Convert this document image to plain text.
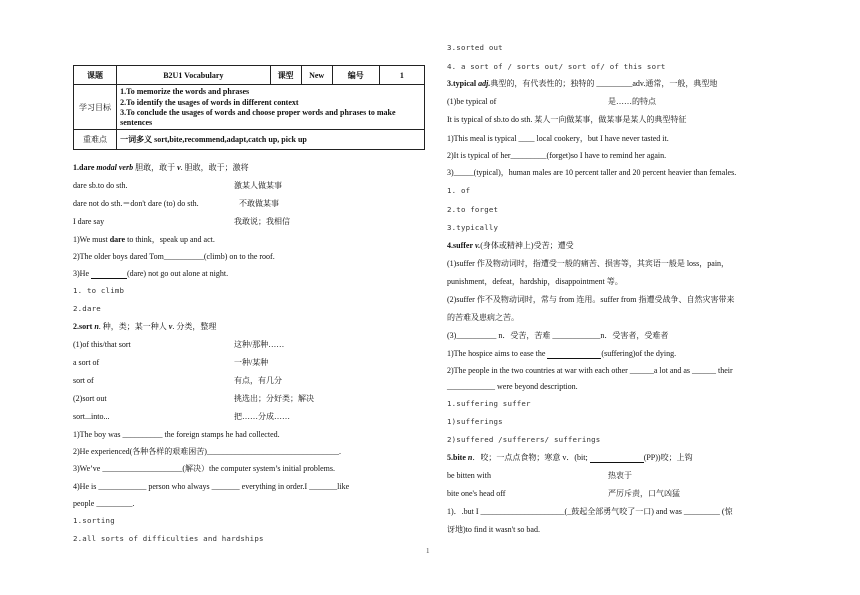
课题	B2U1 Vocabulary	课型	New	编号	1
学习目标	1.To memorize the words and phrases
2.To identify the usages of words in different context
3.To conclude the usages of words and choose proper words and phrases to make sentences				

重难点	一词多义 sort,bite,recommend,adapt,catch up, pick up				
1.dare modal verb 胆敢，敢于 v. 胆敢，敢于；激将
dare sb.to do sth.	激某人做某事
dare not do sth.＝don't dare (to) do sth.	不敢做某事
I dare say	我敢说；我相信
1)We must dare to think，speak up and act.
2)The older boys dared Tom__________(climb) on to the roof.
3)He	(dare) not go out alone at night.
1. to climb
2.dare
2.sort n. 种，类；某一种人 v. 分类，整理
(1)of this/that sort	这种/那种……
a sort of	一种/某种
sort of	有点，有几分
(2)sort out	挑选出；分好类；解决
sort...into...	把……分成……
1)The boy was __________ the foreign stamps he had collected.
2)He experienced(各种各样的艰难困苦)_________________________________.
3)We’ve ____________________(解决）the computer system’s initial problems.
4)He is ____________ person who always _______ everything in order.I _______like
people _________.
1.sorting
2.all sorts of difficulties and hardships
3.sorted out
4. a sort of / sorts out/ sort of/ of this sort
3.typical adj.典型的，有代表性的；独特的 _________adv.通常，一般，典型地
(1)be typical of	是……的特点
It is typical of sb.to do sth. 某人一向做某事，做某事是某人的典型特征
1)This meal is typical ____ local cookery，but I have never tasted it.
2)It is typical of her_________(forget)so I have to remind her again.
3)_____(typical)，human males are 10 percent taller and 20 percent heavier than females.
1. of
2.to forget
3.typically
4.suffer v.(身体或精神上)受苦；遭受
(1)suffer 作及物动词时，指遭受一般的痛苦、损害等，其宾语一般是 loss，pain，
punishment，defeat，hardship，disappointment 等。
(2)suffer 作不及物动词时，常与 from 连用。suffer from 指遭受战争、自然灾害带来
的苦难及患病之苦。
(3)__________ n．受苦，苦难 ____________n．受害者，受难者
1)The hospice aims to ease the	(suffering)of the dying.
2)The people in the two countries at war with each other ______a lot and as ______ their
____________ were beyond description.
1.suffering suffer
1)sufferings
2)suffered /sufferers/ sufferings
5.bite n．咬；一点点食物；寒意 v．(bit;	(PP))咬；上钩
be bitten with	热衷于
bite one's head off	严厉斥责，口气凶猛
1)．.but I _____________________(_鼓起全部勇气咬了一口) and was _________ (惊
讶地)to find it wasn't so bad.
1
